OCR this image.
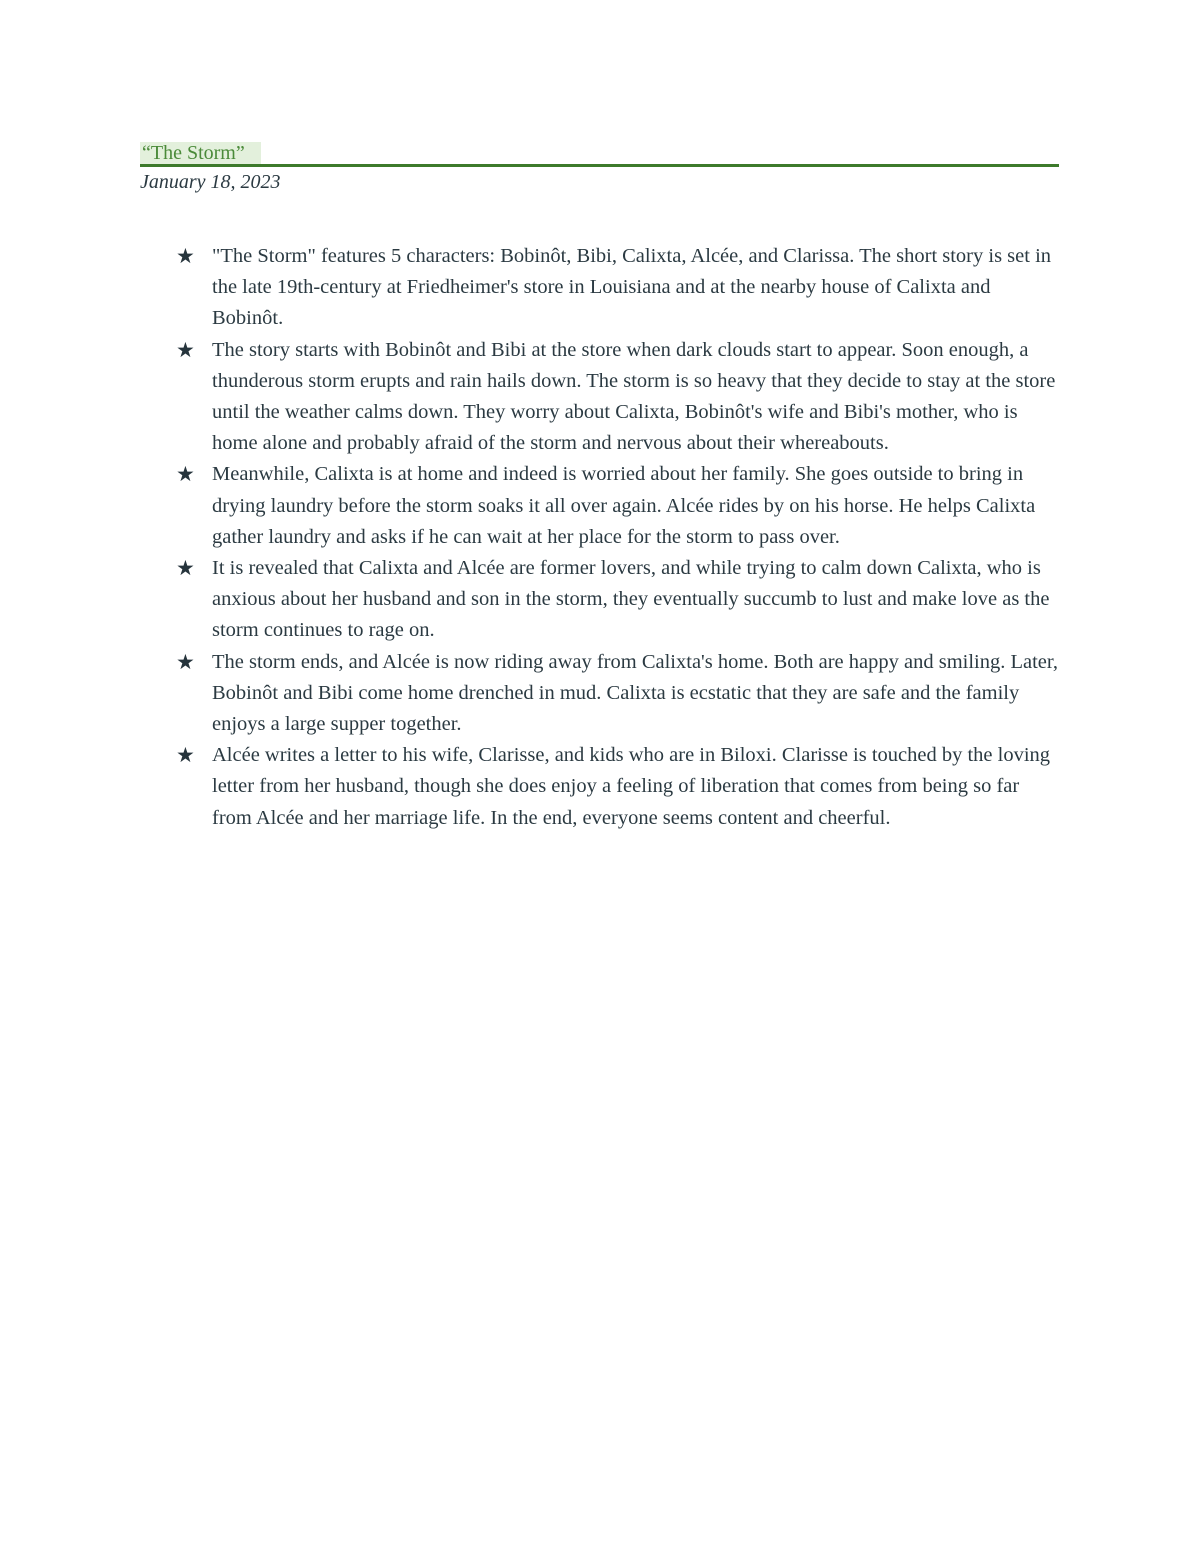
“The Storm”
January 18, 2023
★ "The Storm" features 5 characters: Bobinôt, Bibi, Calixta, Alcée, and Clarissa. The short story is set in the late 19th-century at Friedheimer's store in Louisiana and at the nearby house of Calixta and Bobinôt.
★ The story starts with Bobinôt and Bibi at the store when dark clouds start to appear. Soon enough, a thunderous storm erupts and rain hails down. The storm is so heavy that they decide to stay at the store until the weather calms down. They worry about Calixta, Bobinôt's wife and Bibi's mother, who is home alone and probably afraid of the storm and nervous about their whereabouts.
★ Meanwhile, Calixta is at home and indeed is worried about her family. She goes outside to bring in drying laundry before the storm soaks it all over again. Alcée rides by on his horse. He helps Calixta gather laundry and asks if he can wait at her place for the storm to pass over.
★ It is revealed that Calixta and Alcée are former lovers, and while trying to calm down Calixta, who is anxious about her husband and son in the storm, they eventually succumb to lust and make love as the storm continues to rage on.
★ The storm ends, and Alcée is now riding away from Calixta's home. Both are happy and smiling. Later, Bobinôt and Bibi come home drenched in mud. Calixta is ecstatic that they are safe and the family enjoys a large supper together.
★ Alcée writes a letter to his wife, Clarisse, and kids who are in Biloxi. Clarisse is touched by the loving letter from her husband, though she does enjoy a feeling of liberation that comes from being so far from Alcée and her marriage life. In the end, everyone seems content and cheerful.
